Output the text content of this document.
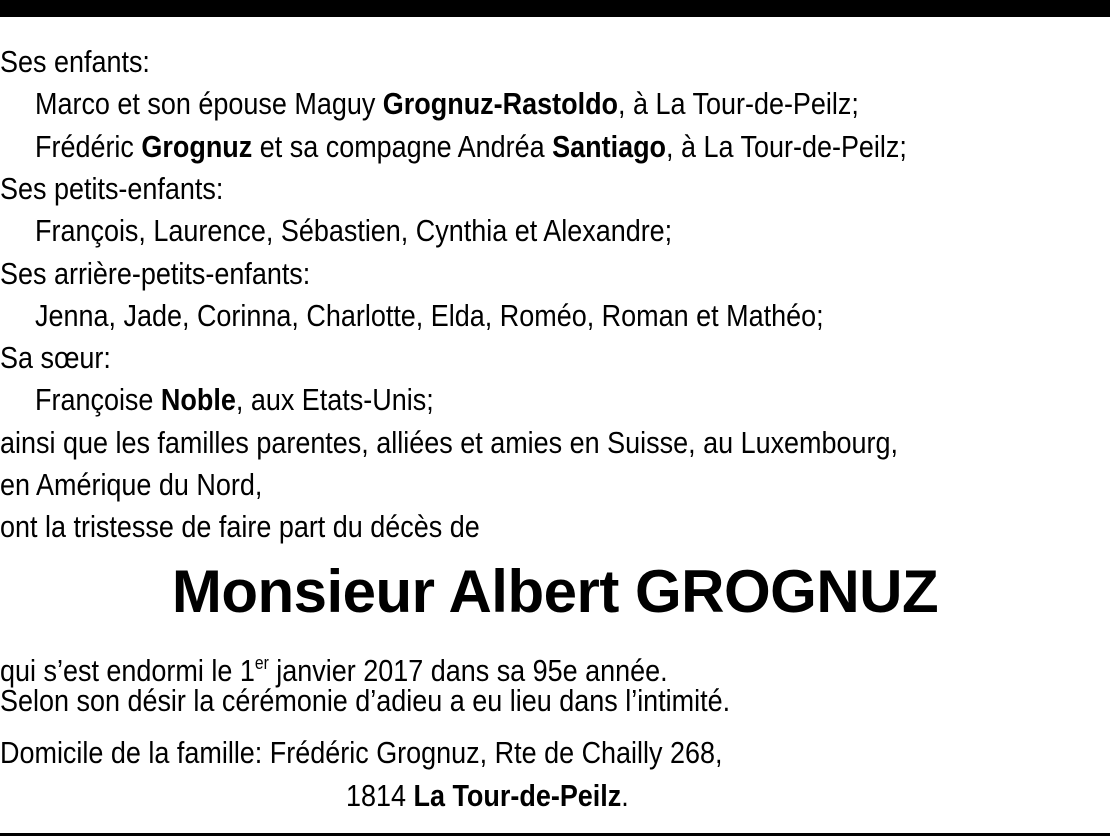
Ses enfants:
Marco et son épouse Maguy Grognuz-Rastoldo, à La Tour-de-Peilz;
Frédéric Grognuz et sa compagne Andréa Santiago, à La Tour-de-Peilz;
Ses petits-enfants:
François, Laurence, Sébastien, Cynthia et Alexandre;
Ses arrière-petits-enfants:
Jenna, Jade, Corinna, Charlotte, Elda, Roméo, Roman et Mathéo;
Sa sœur:
Françoise Noble, aux Etats-Unis;
ainsi que les familles parentes, alliées et amies en Suisse, au Luxembourg,
en Amérique du Nord,
ont la tristesse de faire part du décès de
Monsieur Albert GROGNUZ
qui s’est endormi le 1er janvier 2017 dans sa 95e année.
Selon son désir la cérémonie d’adieu a eu lieu dans l’intimité.
Domicile de la famille: Frédéric Grognuz, Rte de Chailly 268,
1814 La Tour-de-Peilz.
